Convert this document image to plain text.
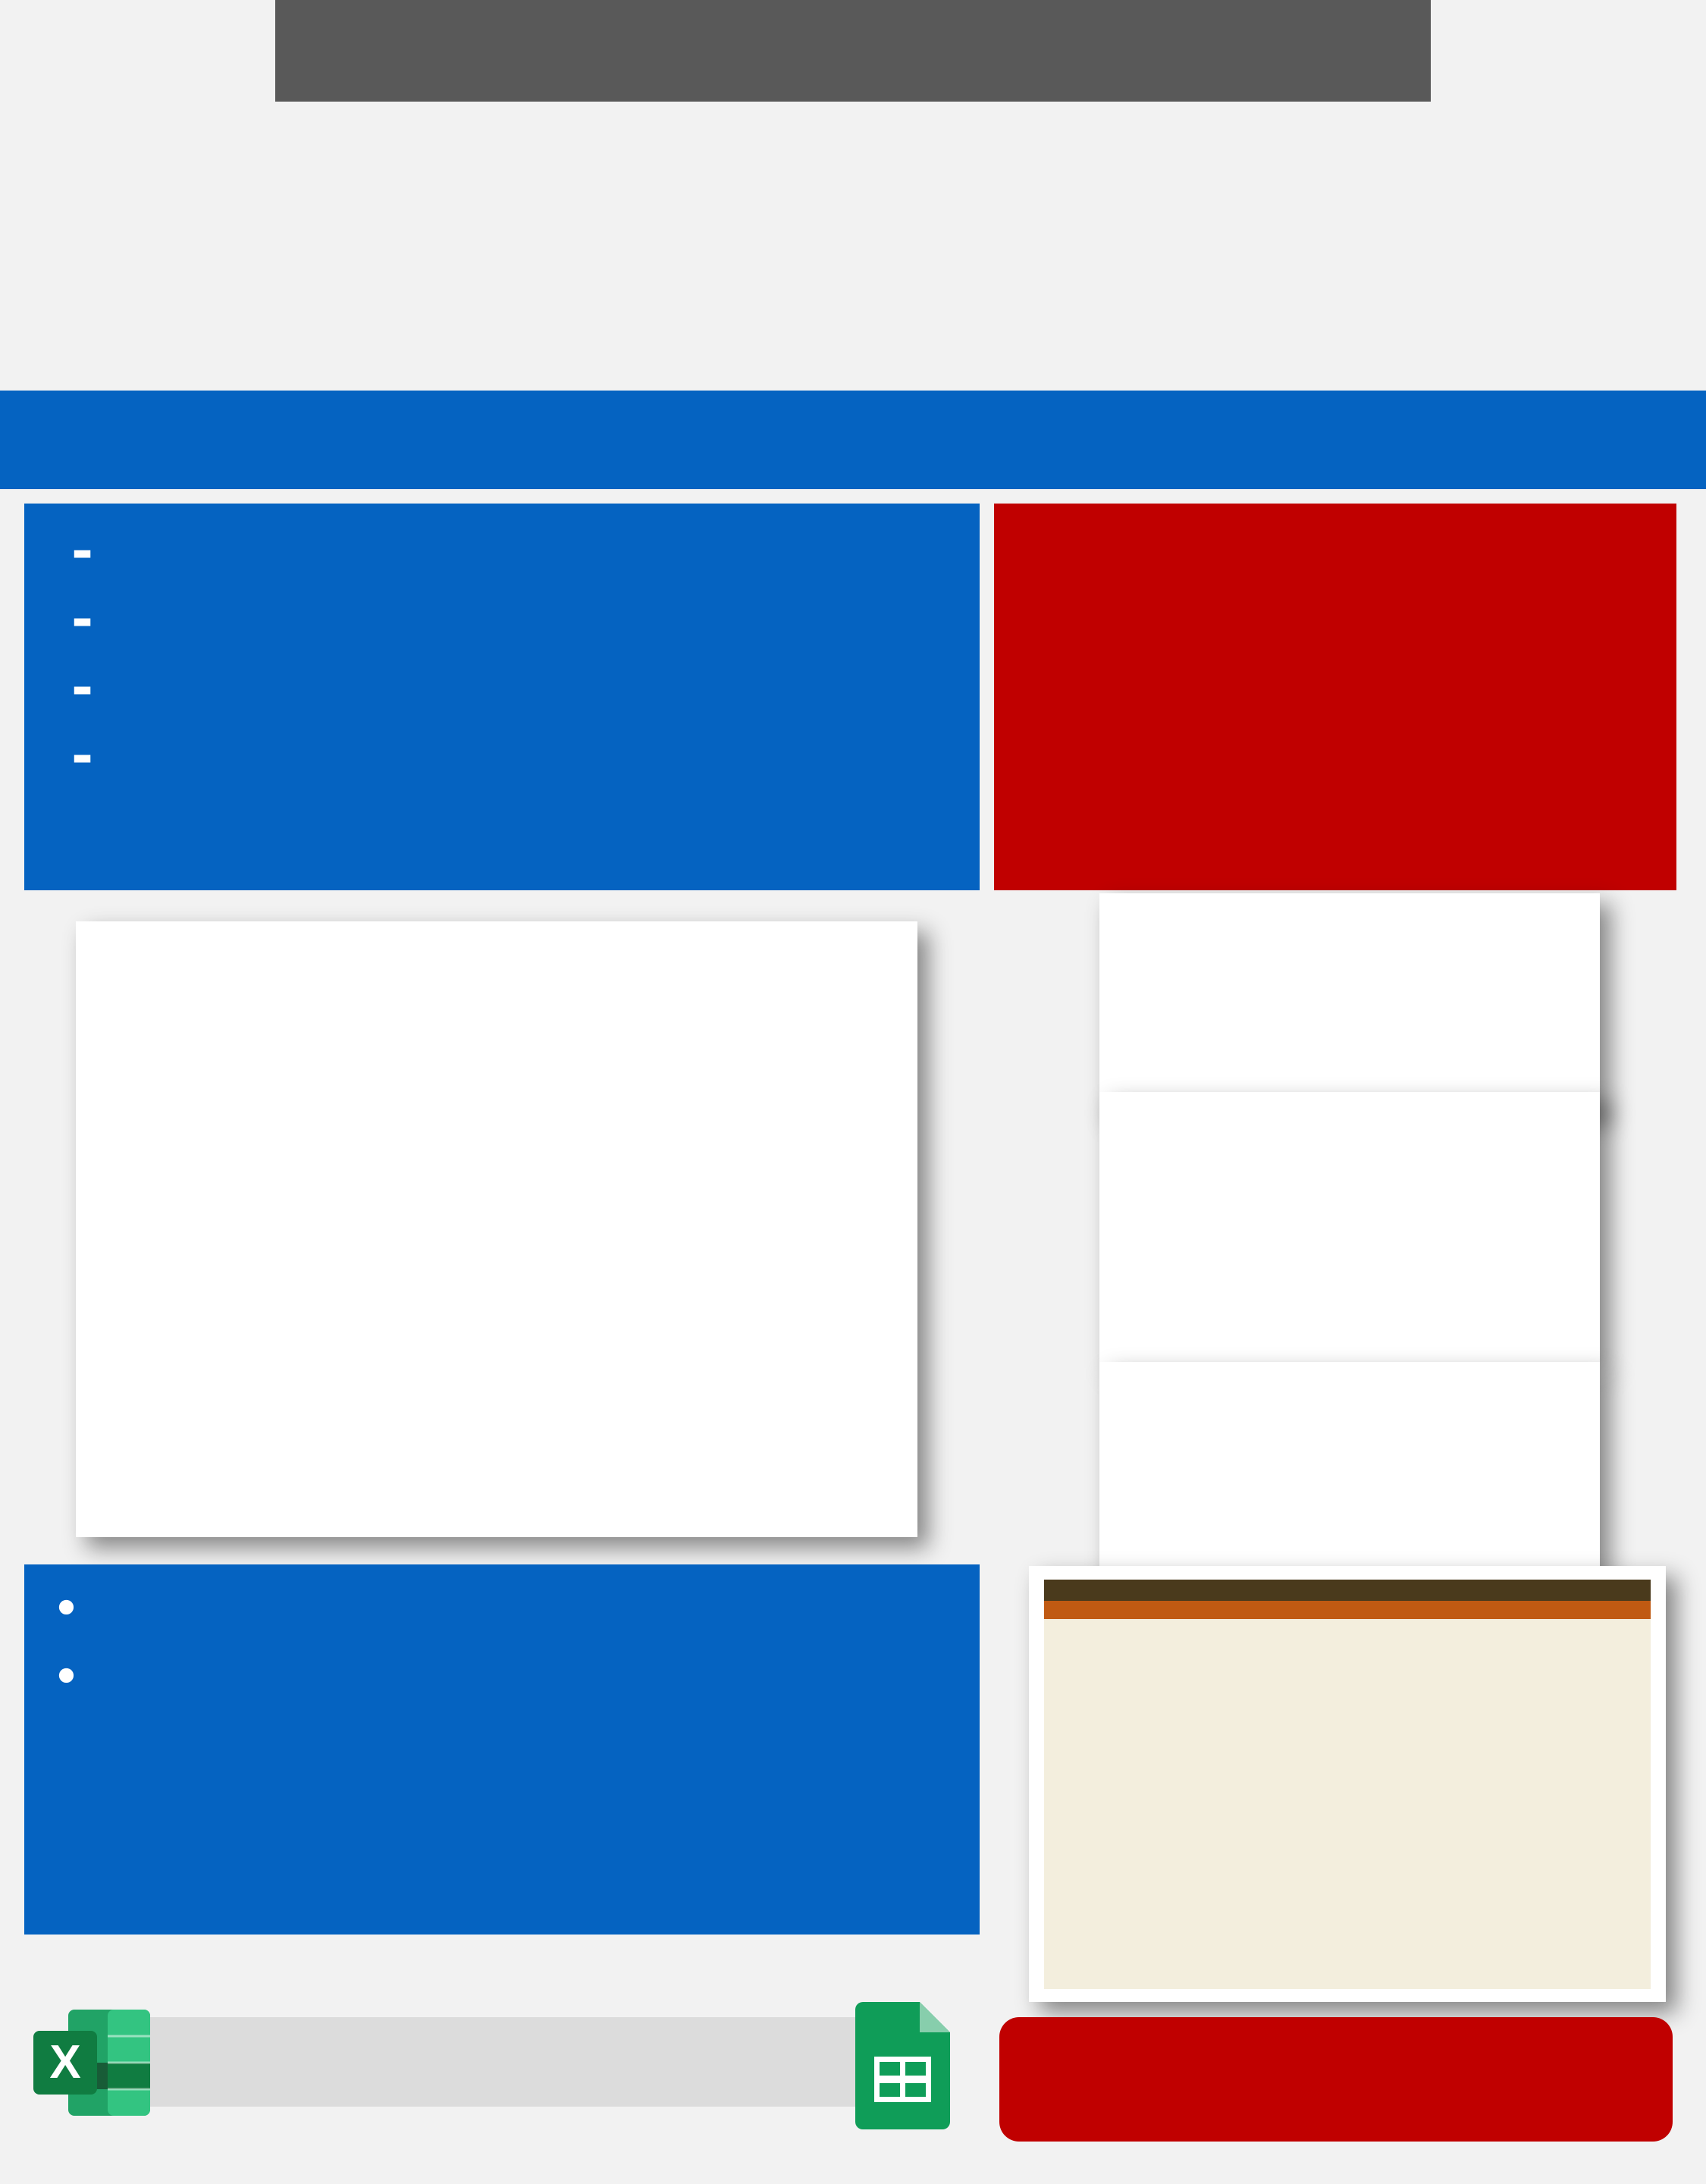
-
-
-
-
•
•
X
